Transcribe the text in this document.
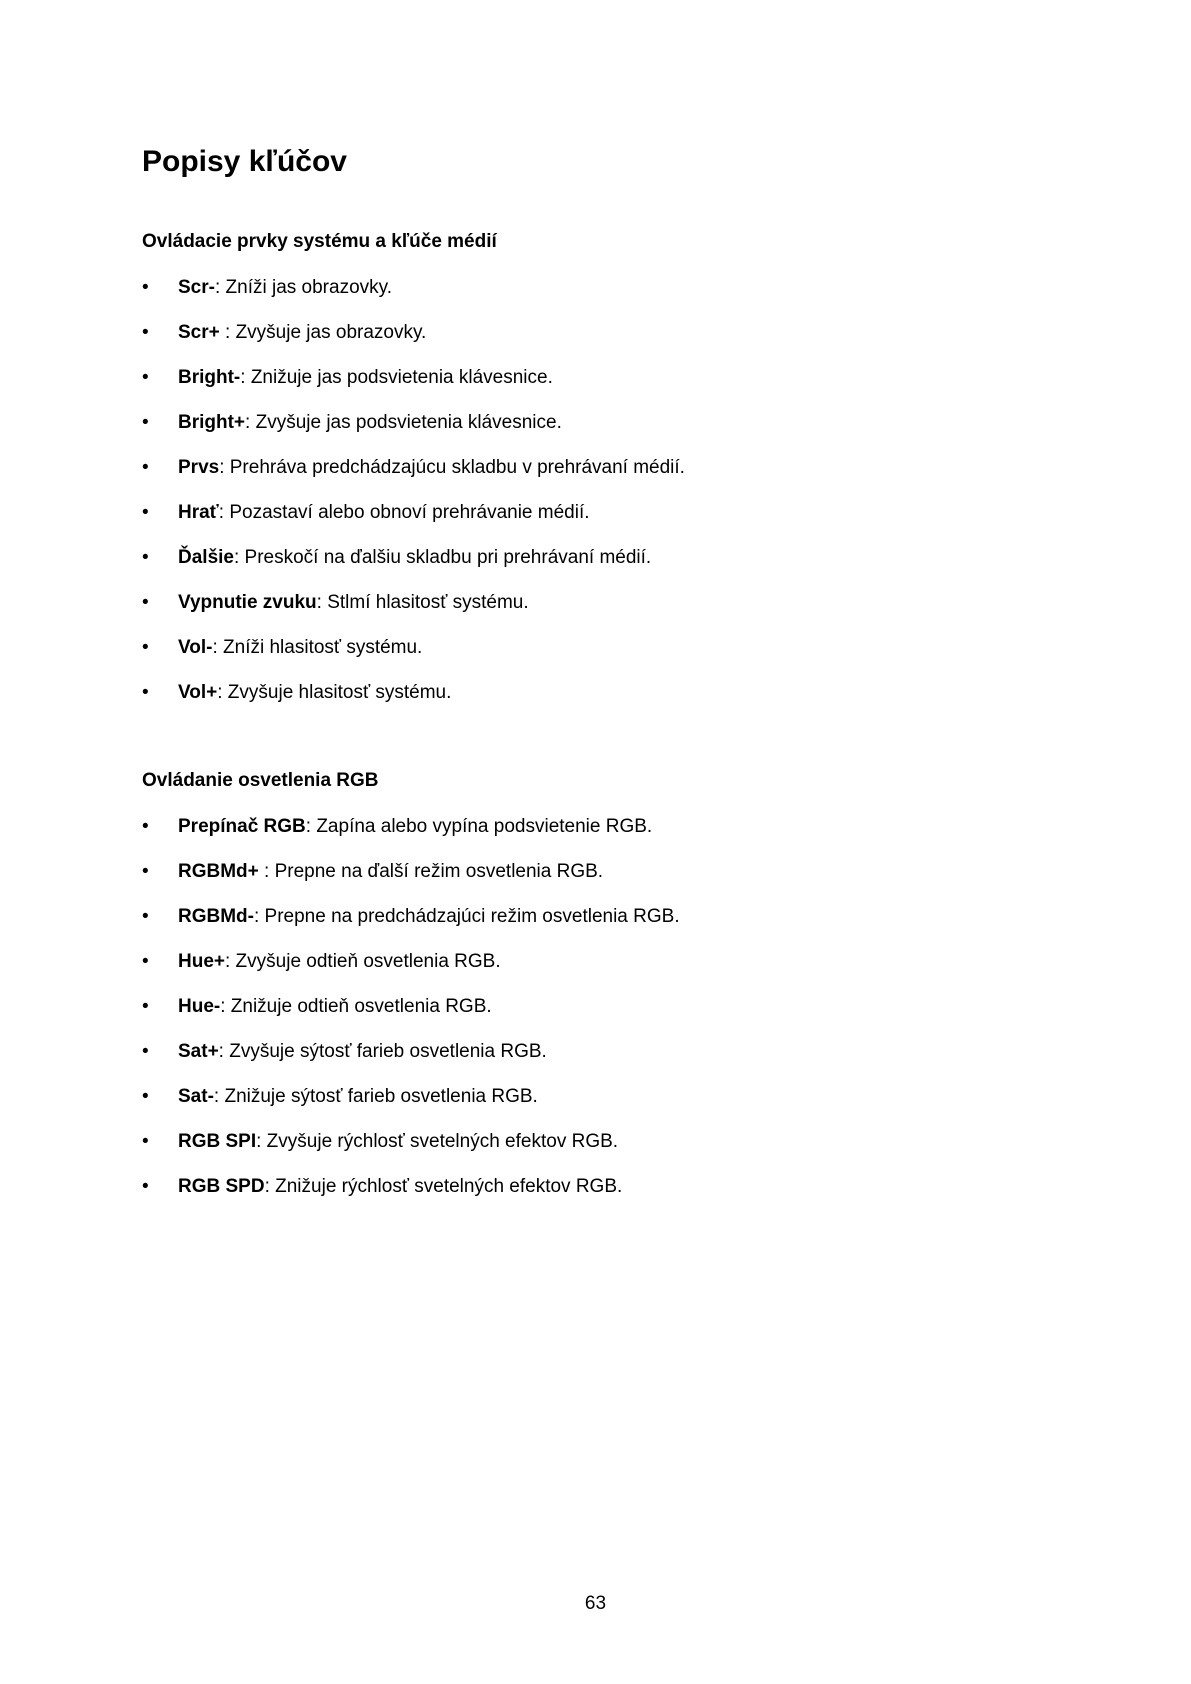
Popisy kľúčov
Ovládacie prvky systému a kľúče médií
•	Scr-: Zníži jas obrazovky.
•	Scr+ : Zvyšuje jas obrazovky.
•	Bright-: Znižuje jas podsvietenia klávesnice.
•	Bright+: Zvyšuje jas podsvietenia klávesnice.
•	Prvs: Prehráva predchádzajúcu skladbu v prehrávaní médií.
•	Hrať: Pozastaví alebo obnoví prehrávanie médií.
•	Ďalšie: Preskočí na ďalšiu skladbu pri prehrávaní médií.
•	Vypnutie zvuku: Stlmí hlasitosť systému.
•	Vol-: Zníži hlasitosť systému.
•	Vol+: Zvyšuje hlasitosť systému.
Ovládanie osvetlenia RGB
•	Prepínač RGB: Zapína alebo vypína podsvietenie RGB.
•	RGBMd+ : Prepne na ďalší režim osvetlenia RGB.
•	RGBMd-: Prepne na predchádzajúci režim osvetlenia RGB.
•	Hue+: Zvyšuje odtieň osvetlenia RGB.
•	Hue-: Znižuje odtieň osvetlenia RGB.
•	Sat+: Zvyšuje sýtosť farieb osvetlenia RGB.
•	Sat-: Znižuje sýtosť farieb osvetlenia RGB.
•	RGB SPI: Zvyšuje rýchlosť svetelných efektov RGB.
•	RGB SPD: Znižuje rýchlosť svetelných efektov RGB.
63
